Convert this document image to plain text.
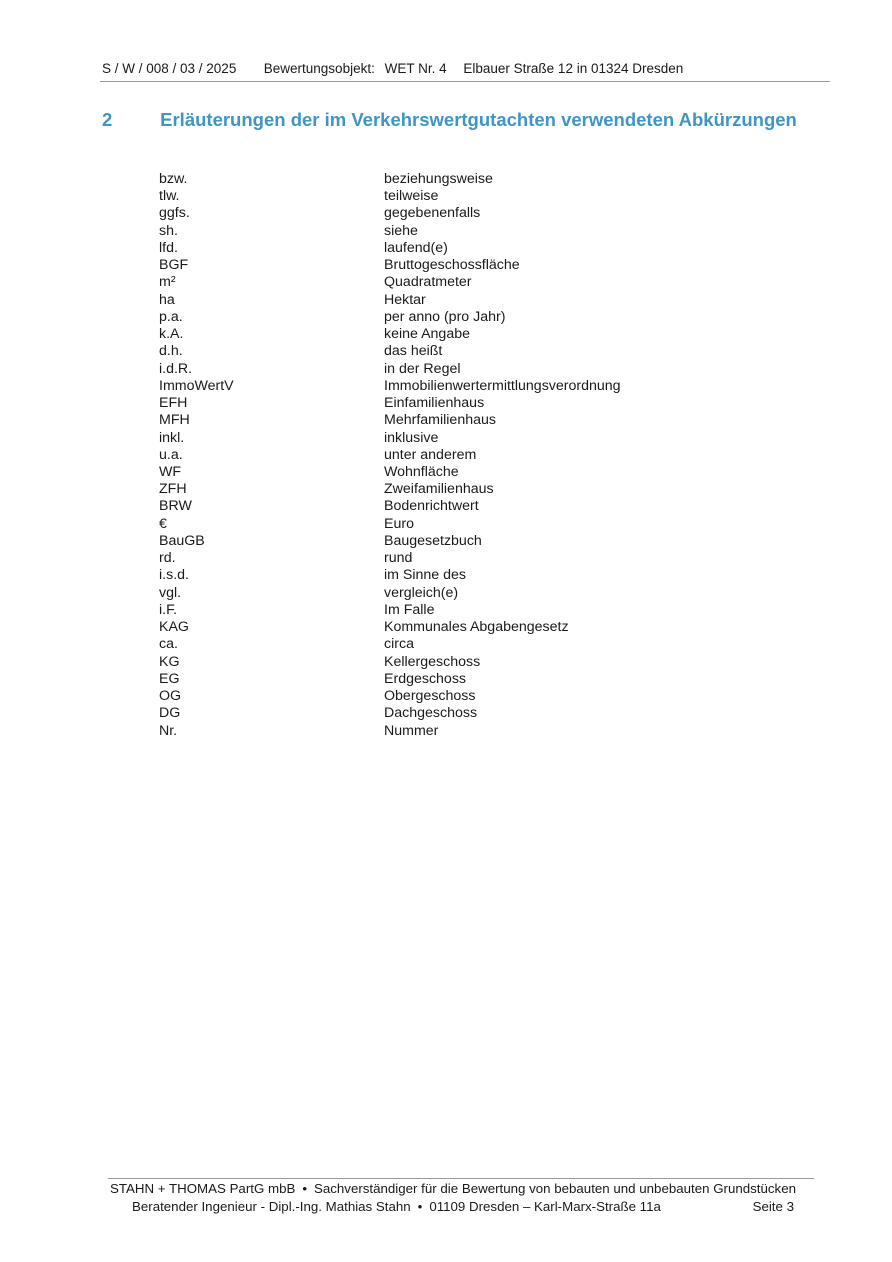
S / W / 008 / 03 / 2025 Bewertungsobjekt: WET Nr. 4 Elbauer Straße 12 in 01324 Dresden
2	Erläuterungen der im Verkehrswertgutachten verwendeten Abkürzungen
bzw.	beziehungsweise
tlw.	teilweise
ggfs.	gegebenenfalls
sh.	siehe
lfd.	laufend(e)
BGF	Bruttogeschossfläche
m²	Quadratmeter
ha	Hektar
p.a.	per anno (pro Jahr)
k.A.	keine Angabe
d.h.	das heißt
i.d.R.	in der Regel
ImmoWertV	Immobilienwertermittlungsverordnung
EFH	Einfamilienhaus
MFH	Mehrfamilienhaus
inkl.	inklusive
u.a.	unter anderem
WF	Wohnfläche
ZFH	Zweifamilienhaus
BRW	Bodenrichtwert
€	Euro
BauGB	Baugesetzbuch
rd.	rund
i.s.d.	im Sinne des
vgl.	vergleich(e)
i.F.	Im Falle
KAG	Kommunales Abgabengesetz
ca.	circa
KG	Kellergeschoss
EG	Erdgeschoss
OG	Obergeschoss
DG	Dachgeschoss
Nr.	Nummer
STAHN + THOMAS PartG mbB • Sachverständiger für die Bewertung von bebauten und unbebauten Grundstücken
Beratender Ingenieur - Dipl.-Ing. Mathias Stahn • 01109 Dresden – Karl-Marx-Straße 11a	Seite 3
